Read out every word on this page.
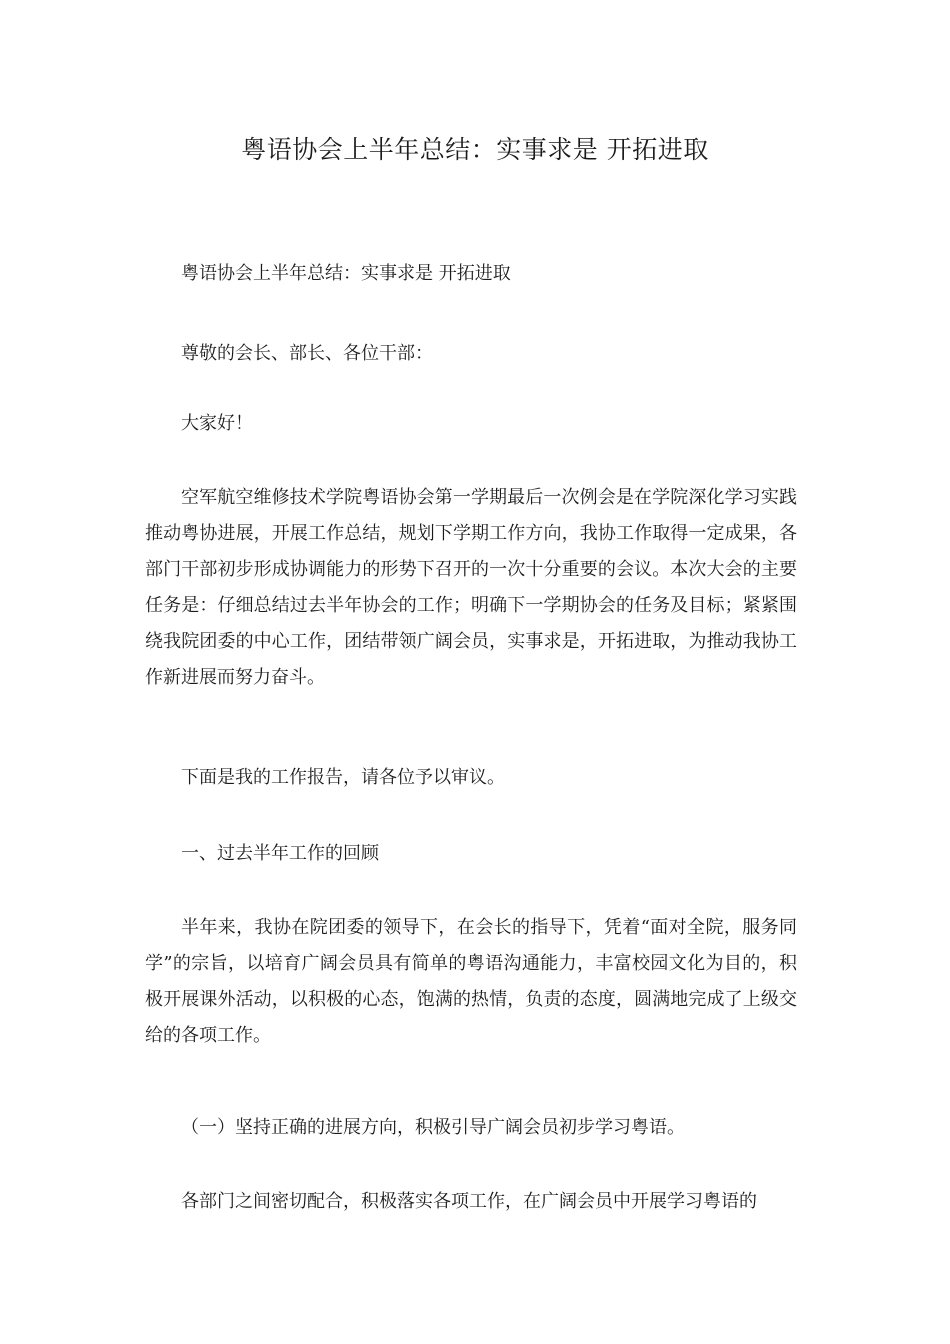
粤语协会上半年总结：实事求是 开拓进取

粤语协会上半年总结：实事求是 开拓进取

尊敬的会长、部长、各位干部：

大家好！

空军航空维修技术学院粤语协会第一学期最后一次例会是在学院深化学习实践推动粤协进展，开展工作总结，规划下学期工作方向，我协工作取得一定成果，各部门干部初步形成协调能力的形势下召开的一次十分重要的会议。本次大会的主要任务是：仔细总结过去半年协会的工作；明确下一学期协会的任务及目标；紧紧围绕我院团委的中心工作，团结带领广阔会员，实事求是，开拓进取，为推动我协工作新进展而努力奋斗。

下面是我的工作报告，请各位予以审议。

一、过去半年工作的回顾

半年来，我协在院团委的领导下，在会长的指导下，凭着“面对全院，服务同学”的宗旨，以培育广阔会员具有简单的粤语沟通能力，丰富校园文化为目的，积极开展课外活动，以积极的心态，饱满的热情，负责的态度，圆满地完成了上级交给的各项工作。

（一）坚持正确的进展方向，积极引导广阔会员初步学习粤语。

各部门之间密切配合，积极落实各项工作，在广阔会员中开展学习粤语的
